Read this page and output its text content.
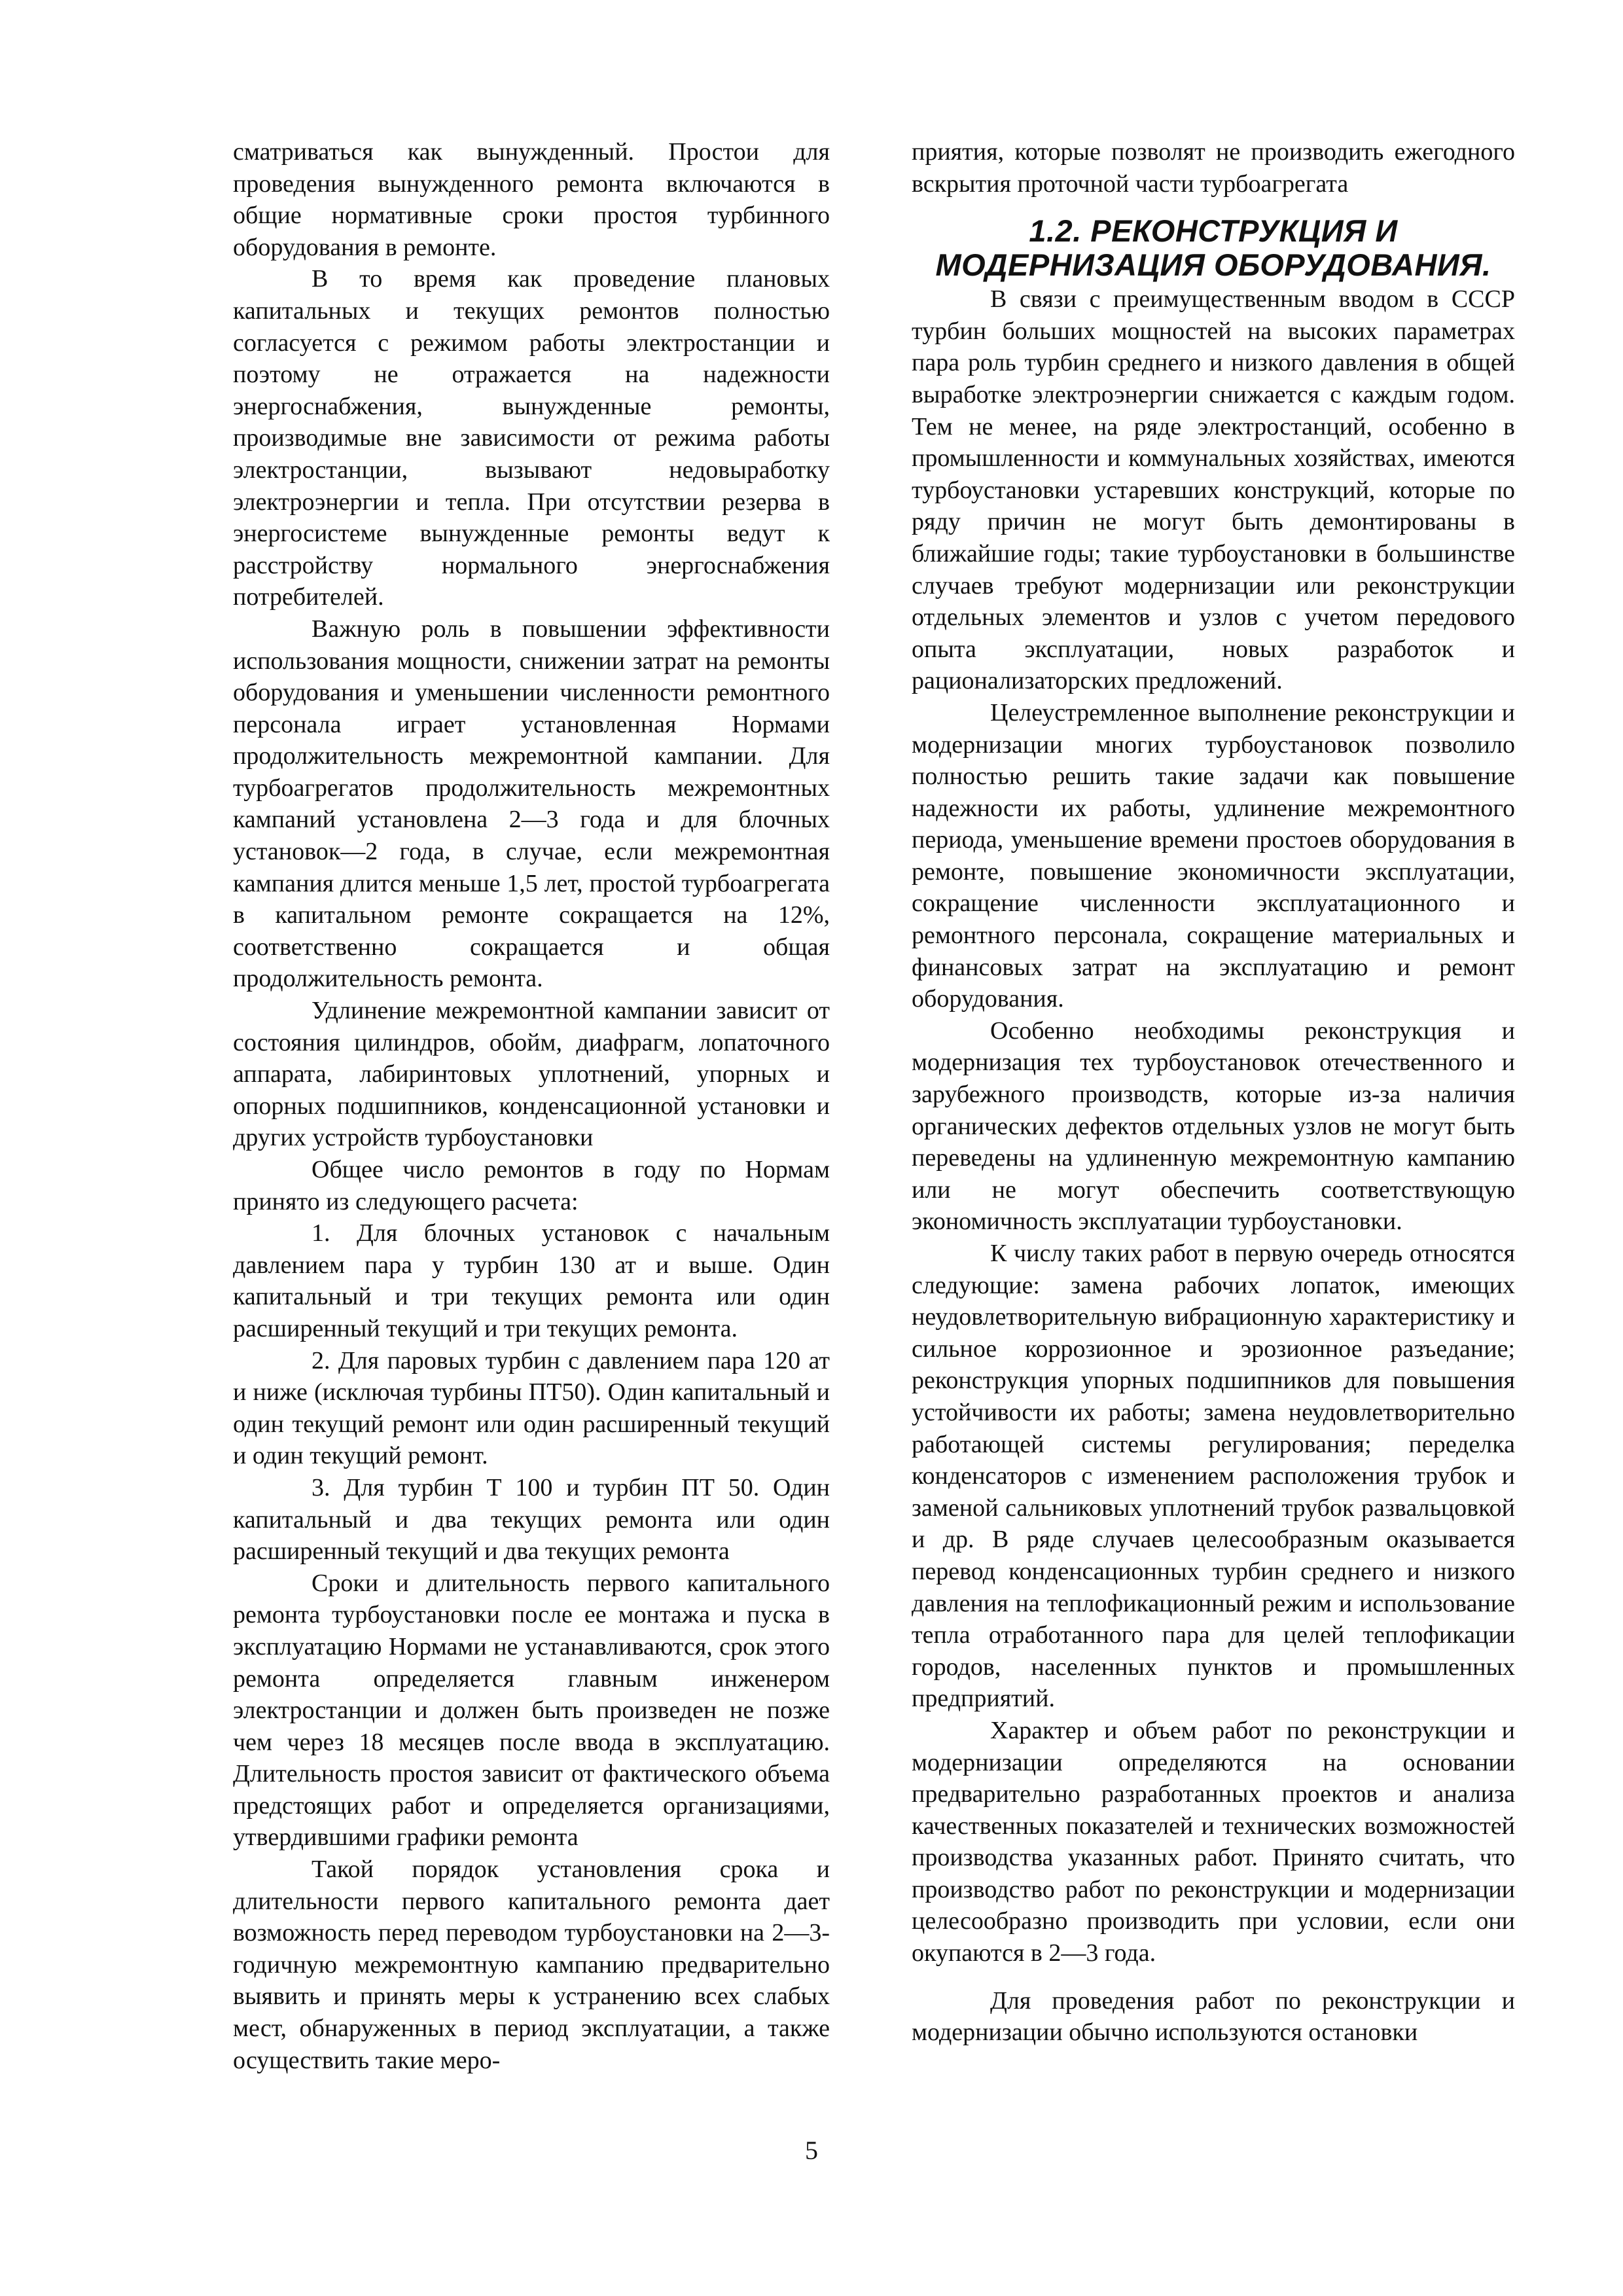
сматриваться как вынужденный. Простои для проведения вынужденного ремонта включаются в общие нормативные сроки простоя турбинного оборудования в ремонте.

В то время как проведение плановых капитальных и текущих ремонтов полностью согласуется с режимом работы электростанции и поэтому не отражается на надежности энергоснабжения, вынужденные ремонты, производимые вне зависимости от режима работы электростанции, вызывают недовыработку электроэнергии и тепла. При отсутствии резерва в энергосистеме вынужденные ремонты ведут к расстройству нормального энергоснабжения потребителей.

Важную роль в повышении эффективности использования мощности, снижении затрат на ремонты оборудования и уменьшении численности ремонтного персонала играет установленная Нормами продолжительность межремонтной кампании. Для турбоагрегатов продолжительность межремонтных кампаний установлена 2—3 года и для блочных установок—2 года, в случае, если межремонтная кампания длится меньше 1,5 лет, простой турбоагрегата в капитальном ремонте сокращается на 12%, соответственно сокращается и общая продолжительность ремонта.

Удлинение межремонтной кампании зависит от состояния цилиндров, обойм, диафрагм, лопаточного аппарата, лабиринтовых уплотнений, упорных и опорных подшипников, конденсационной установки и других устройств турбоустановки

Общее число ремонтов в году по Нормам принято из следующего расчета:

1. Для блочных установок с начальным давлением пара у турбин 130 ат и выше. Один капитальный и три текущих ремонта или один расширенный текущий и три текущих ремонта.

2. Для паровых турбин с давлением пара 120 ат и ниже (исключая турбины ПТ50). Один капитальный и один текущий ремонт или один расширенный текущий и один текущий ремонт.

3. Для турбин Т 100 и турбин ПТ 50. Один капитальный и два текущих ремонта или один расширенный текущий и два текущих ремонта

Сроки и длительность первого капитального ремонта турбоустановки после ее монтажа и пуска в эксплуатацию Нормами не устанавливаются, срок этого ремонта определяется главным инженером электростанции и должен быть произведен не позже чем через 18 месяцев после ввода в эксплуатацию. Длительность простоя зависит от фактического объема предстоящих работ и определяется организациями, утвердившими графики ремонта

Такой порядок установления срока и длительности первого капитального ремонта дает возможность перед переводом турбоустановки на 2—3-годичную межремонтную кампанию предварительно выявить и принять меры к устранению всех слабых мест, обнаруженных в период эксплуатации, а также осуществить такие меро-

приятия, которые позволят не производить ежегодного вскрытия проточной части турбоагрегата

1.2. РЕКОНСТРУКЦИЯ И МОДЕРНИЗАЦИЯ ОБОРУДОВАНИЯ.

В связи с преимущественным вводом в СССР турбин больших мощностей на высоких параметрах пара роль турбин среднего и низкого давления в общей выработке электроэнергии снижается с каждым годом. Тем не менее, на ряде электростанций, особенно в промышленности и коммунальных хозяйствах, имеются турбоустановки устаревших конструкций, которые по ряду причин не могут быть демонтированы в ближайшие годы; такие турбоустановки в большинстве случаев требуют модернизации или реконструкции отдельных элементов и узлов с учетом передового опыта эксплуатации, новых разработок и рационализаторских предложений.

Целеустремленное выполнение реконструкции и модернизации многих турбоустановок позволило полностью решить такие задачи как повышение надежности их работы, удлинение межремонтного периода, уменьшение времени простоев оборудования в ремонте, повышение экономичности эксплуатации, сокращение численности эксплуатационного и ремонтного персонала, сокращение материальных и финансовых затрат на эксплуатацию и ремонт оборудования.

Особенно необходимы реконструкция и модернизация тех турбоустановок отечественного и зарубежного производств, которые из-за наличия органических дефектов отдельных узлов не могут быть переведены на удлиненную межремонтную кампанию или не могут обеспечить соответствующую экономичность эксплуатации турбоустановки.

К числу таких работ в первую очередь относятся следующие: замена рабочих лопаток, имеющих неудовлетворительную вибрационную характеристику и сильное коррозионное и эрозионное разъедание; реконструкция упорных подшипников для повышения устойчивости их работы; замена неудовлетворительно работающей системы регулирования; переделка конденсаторов с изменением расположения трубок и заменой сальниковых уплотнений трубок развальцовкой и др. В ряде случаев целесообразным оказывается перевод конденсационных турбин среднего и низкого давления на теплофикационный режим и использование тепла отработанного пара для целей теплофикации городов, населенных пунктов и промышленных предприятий.

Характер и объем работ по реконструкции и модернизации определяются на основании предварительно разработанных проектов и анализа качественных показателей и технических возможностей производства указанных работ. Принято считать, что производство работ по реконструкции и модернизации целесообразно производить при условии, если они окупаются в 2—3 года.

Для проведения работ по реконструкции и модернизации обычно используются остановки

5
